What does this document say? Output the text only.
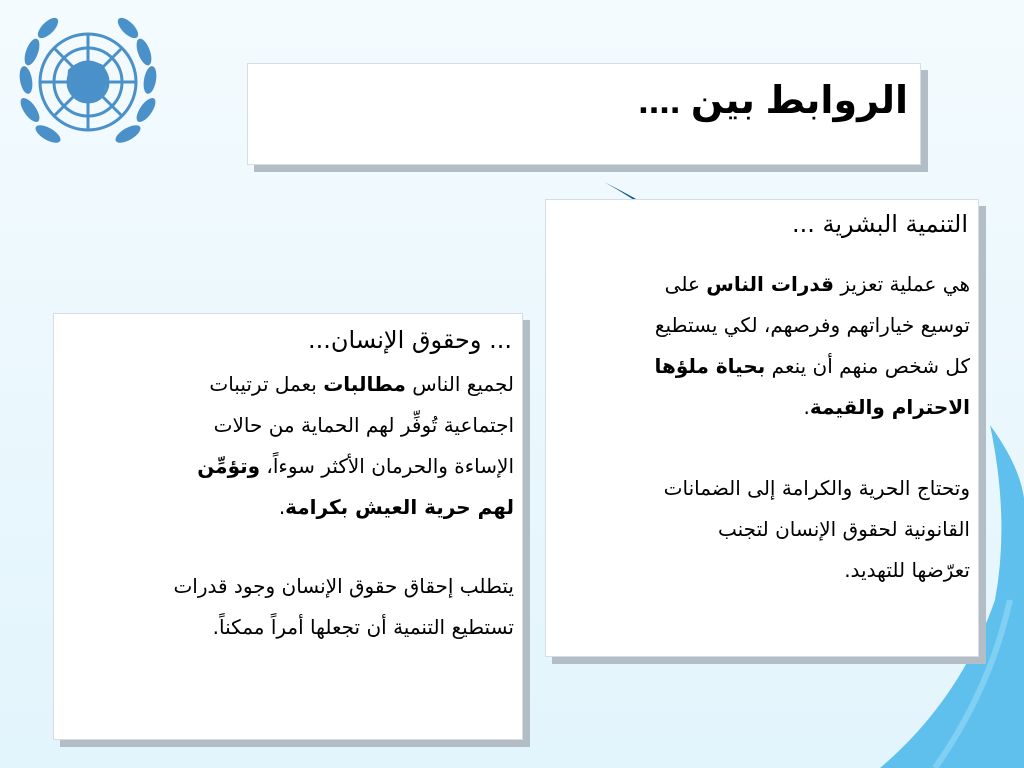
الروابط بين ....
التنمية البشرية ...

هي عملية تعزيز قدرات الناس على
توسيع خياراتهم وفرصهم، لكي يستطيع
كل شخص منهم أن ينعم بحياة ملؤها
الاحترام والقيمة.

وتحتاج الحرية والكرامة إلى الضمانات
القانونية لحقوق الإنسان لتجنب
تعرّضها للتهديد.

... وحقوق الإنسان...

لجميع الناس مطالبات بعمل ترتيبات
اجتماعية تُوفِّر لهم الحماية من حالات
الإساءة والحرمان الأكثر سوءاً، وتؤمِّن
لهم حرية العيش بكرامة.

يتطلب إحقاق حقوق الإنسان وجود قدرات
تستطيع التنمية أن تجعلها أمراً ممكناً.
